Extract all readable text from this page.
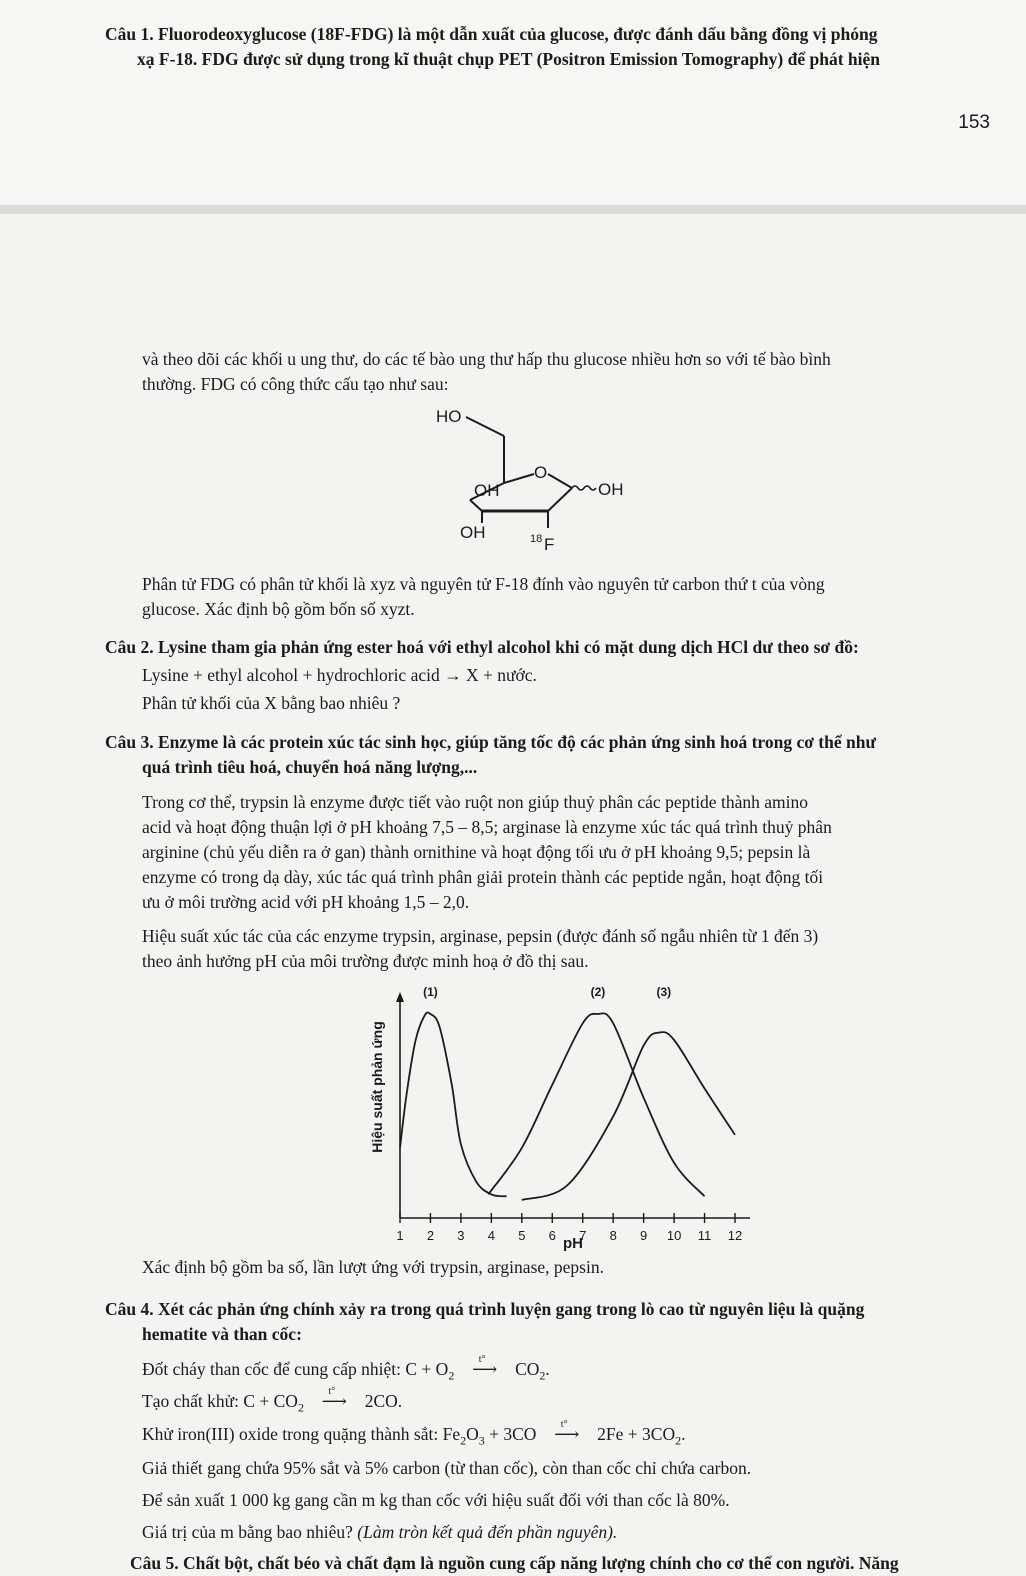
Câu 1. Fluorodeoxyglucose (18F-FDG) là một dẫn xuất của glucose, được đánh dấu bằng đồng vị phóng
xạ F-18. FDG được sử dụng trong kĩ thuật chụp PET (Positron Emission Tomography) để phát hiện
153
và theo dõi các khối u ung thư, do các tế bào ung thư hấp thu glucose nhiều hơn so với tế bào bình
thường. FDG có công thức cấu tạo như sau:
HO
O
OH
OH	18 F
OH
Phân tử FDG có phân tử khối là xyz và nguyên tử F-18 đính vào nguyên tử carbon thứ t của vòng
glucose. Xác định bộ gồm bốn số xyzt.
Câu 2. Lysine tham gia phản ứng ester hoá với ethyl alcohol khi có mặt dung dịch HCl dư theo sơ đồ:
Lysine + ethyl alcohol + hydrochloric acid → X + nước.
Phân tử khối của X bằng bao nhiêu ?
Câu 3. Enzyme là các protein xúc tác sinh học, giúp tăng tốc độ các phản ứng sinh hoá trong cơ thể như
quá trình tiêu hoá, chuyển hoá năng lượng,...
Trong cơ thể, trypsin là enzyme được tiết vào ruột non giúp thuỷ phân các peptide thành amino
acid và hoạt động thuận lợi ở pH khoảng 7,5 – 8,5; arginase là enzyme xúc tác quá trình thuỷ phân
arginine (chủ yếu diễn ra ở gan) thành ornithine và hoạt động tối ưu ở pH khoảng 9,5; pepsin là
enzyme có trong dạ dày, xúc tác quá trình phân giải protein thành các peptide ngắn, hoạt động tối
ưu ở môi trường acid với pH khoảng 1,5 – 2,0.
Hiệu suất xúc tác của các enzyme trypsin, arginase, pepsin (được đánh số ngẫu nhiên từ 1 đến 3)
theo ảnh hưởng pH của môi trường được minh hoạ ở đồ thị sau.
1 2 3 4 5 6 7 8 9 10 11 12
(1)	(2)	(3)
Hiệu suất phản ứng
pH
Xác định bộ gồm ba số, lần lượt ứng với trypsin, arginase, pepsin.
Câu 4. Xét các phản ứng chính xảy ra trong quá trình luyện gang trong lò cao từ nguyên liệu là quặng
hematite và than cốc:
Đốt cháy than cốc để cung cấp nhiệt: $C + O_2$
t°
⟶ $CO_2$.
Tạo chất khử: $C + CO_2$
t°
⟶ 2CO.
Khử iron(III) oxide trong quặng thành sắt: $Fe_2O_3 + 3CO$ t°
⟶ $2Fe + 3CO_2$.
Giả thiết gang chứa 95% sắt và 5% carbon (từ than cốc), còn than cốc chỉ chứa carbon.
Để sản xuất 1 000 kg gang cần m kg than cốc với hiệu suất đối với than cốc là 80%.
Giá trị của m bằng bao nhiêu? (Làm tròn kết quả đến phần nguyên).
Câu 5. Chất bột, chất béo và chất đạm là nguồn cung cấp năng lượng chính cho cơ thể con người. Năng
